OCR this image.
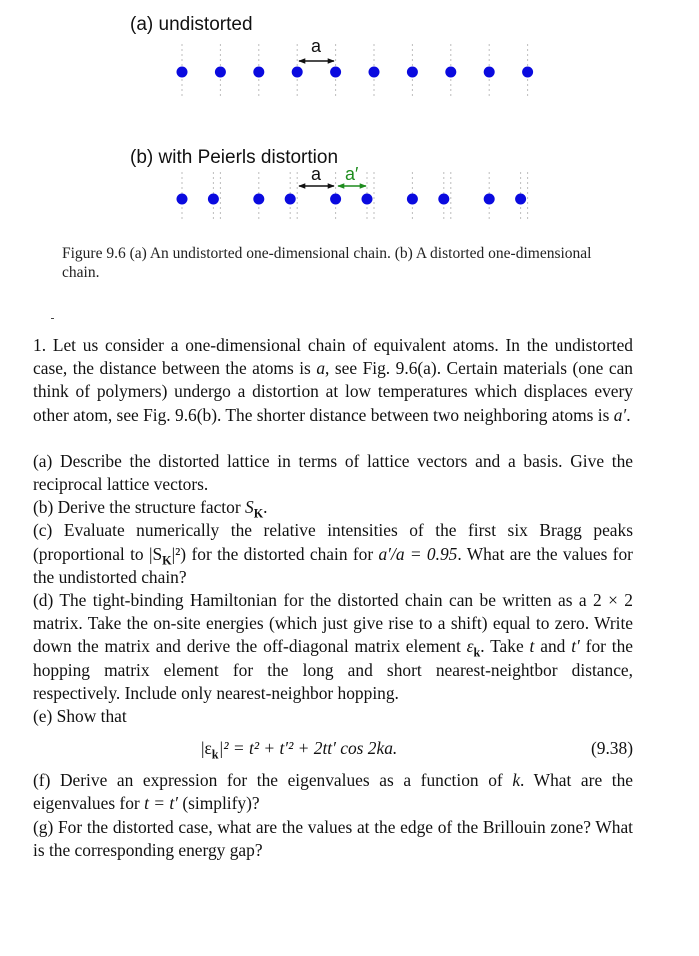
(a) undistorted
a
(b) with Peierls distortion
a a′
Figure 9.6 (a) An undistorted one-dimensional chain. (b) A distorted one-dimensional chain.

1. Let us consider a one-dimensional chain of equivalent atoms. In the undistorted case, the distance between the atoms is a, see Fig. 9.6(a). Certain materials (one can think of polymers) undergo a distortion at low temperatures which displaces every other atom, see Fig. 9.6(b). The shorter distance between two neighboring atoms is a′.

(a) Describe the distorted lattice in terms of lattice vectors and a basis. Give the reciprocal lattice vectors.

(b) Derive the structure factor $S_K$.

(c) Evaluate numerically the relative intensities of the first six Bragg peaks (proportional to $|S_K|^2$) for the distorted chain for a′/a = 0.95. What are the values for the undistorted chain?

(d) The tight-binding Hamiltonian for the distorted chain can be written as a 2 × 2 matrix. Take the on-site energies (which just give rise to a shift) equal to zero. Write down the matrix and derive the off-diagonal matrix element $\varepsilon_k$. Take t and t′ for the hopping matrix element for the long and short nearest-neightbor distance, respectively. Include only nearest-neighbor hopping.

(e) Show that

$|\varepsilon_k|^2 = t^2 + t'^2 + 2tt'$ cos 2ka.	(9.38)

(f) Derive an expression for the eigenvalues as a function of k. What are the eigenvalues for t = t′ (simplify)?

(g) For the distorted case, what are the values at the edge of the Brillouin zone? What is the corresponding energy gap?
